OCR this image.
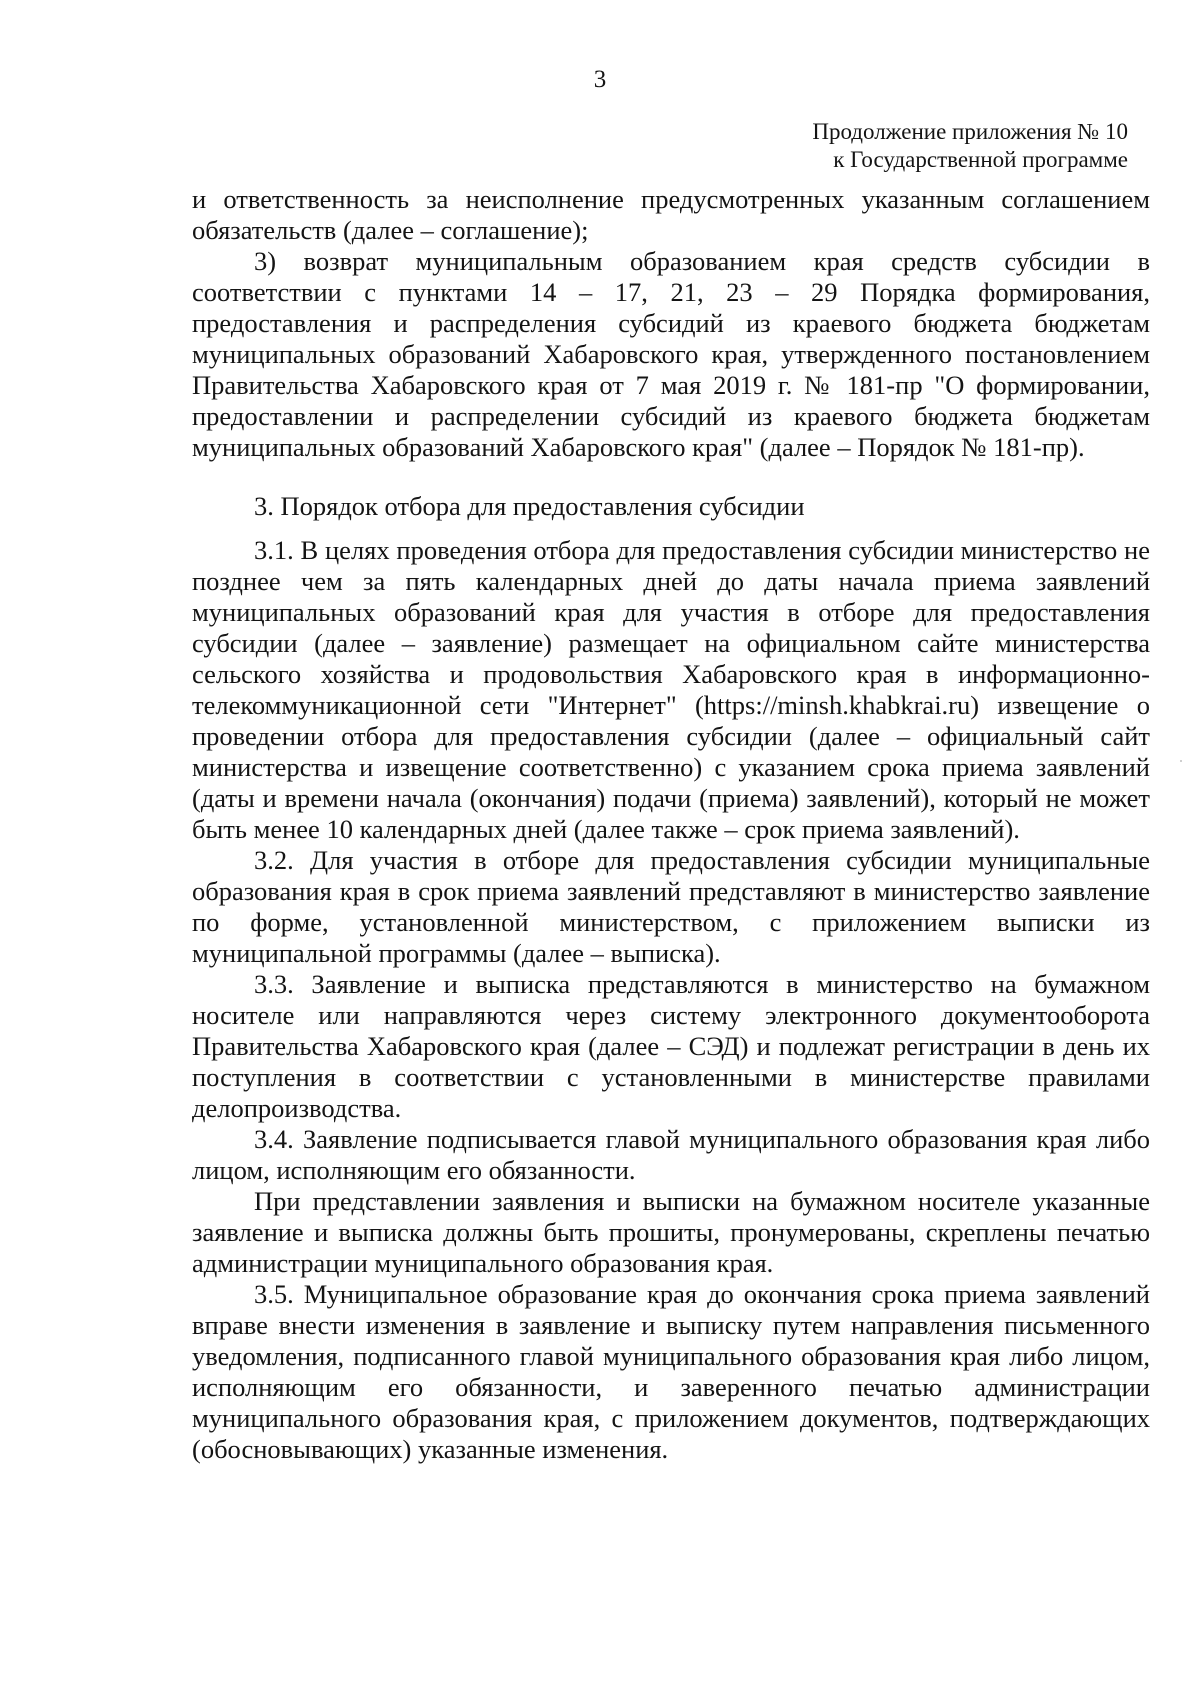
3
Продолжение приложения № 10
к Государственной программе

и ответственность за неисполнение предусмотренных указанным соглашением обязательств (далее – соглашение);

3) возврат муниципальным образованием края средств субсидии в соответствии с пунктами 14 – 17, 21, 23 – 29 Порядка формирования, предоставления и распределения субсидий из краевого бюджета бюджетам муниципальных образований Хабаровского края, утвержденного постановлением Правительства Хабаровского края от 7 мая 2019 г. № 181-пр "О формировании, предоставлении и распределении субсидий из краевого бюджета бюджетам муниципальных образований Хабаровского края" (далее – Порядок № 181-пр).

3. Порядок отбора для предоставления субсидии

3.1. В целях проведения отбора для предоставления субсидии министерство не позднее чем за пять календарных дней до даты начала приема заявлений муниципальных образований края для участия в отборе для предоставления субсидии (далее – заявление) размещает на официальном сайте министерства сельского хозяйства и продовольствия Хабаровского края в информационно-телекоммуникационной сети "Интернет" (https://minsh.khabkrai.ru) извещение о проведении отбора для предоставления субсидии (далее – официальный сайт министерства и извещение соответственно) с указанием срока приема заявлений (даты и времени начала (окончания) подачи (приема) заявлений), который не может быть менее 10 календарных дней (далее также – срок приема заявлений).

3.2. Для участия в отборе для предоставления субсидии муниципальные образования края в срок приема заявлений представляют в министерство заявление по форме, установленной министерством, с приложением выписки из муниципальной программы (далее – выписка).

3.3. Заявление и выписка представляются в министерство на бумажном носителе или направляются через систему электронного документооборота Правительства Хабаровского края (далее – СЭД) и подлежат регистрации в день их поступления в соответствии с установленными в министерстве правилами делопроизводства.

3.4. Заявление подписывается главой муниципального образования края либо лицом, исполняющим его обязанности.

При представлении заявления и выписки на бумажном носителе указанные заявление и выписка должны быть прошиты, пронумерованы, скреплены печатью администрации муниципального образования края.

3.5. Муниципальное образование края до окончания срока приема заявлений вправе внести изменения в заявление и выписку путем направления письменного уведомления, подписанного главой муниципального образования края либо лицом, исполняющим его обязанности, и заверенного печатью администрации муниципального образования края, с приложением документов, подтверждающих (обосновывающих) указанные изменения.
